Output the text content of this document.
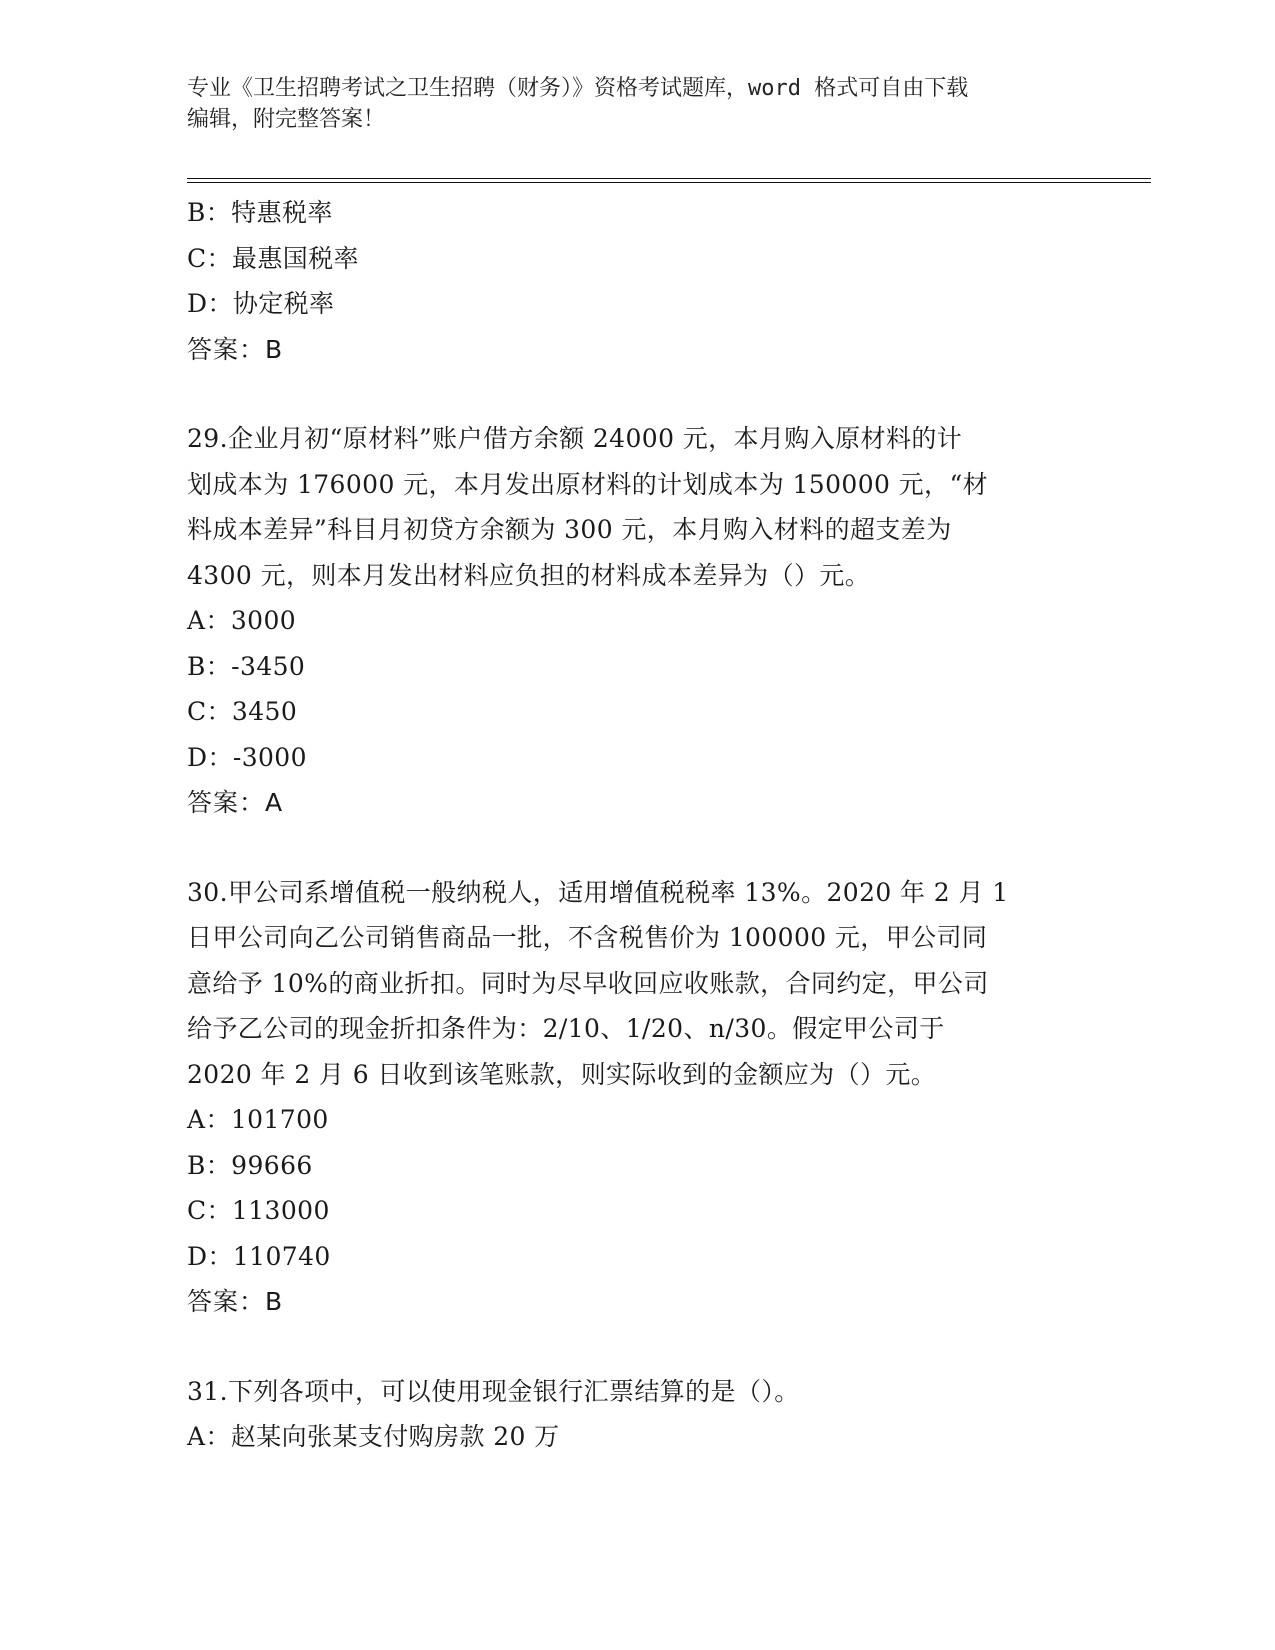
专业《卫生招聘考试之卫生招聘（财务）》资格考试题库，word 格式可自由下载
编辑，附完整答案！
B：特惠税率
C：最惠国税率
D：协定税率
答案：B
29.企业月初“原材料”账户借方余额 24000 元，本月购入原材料的计
划成本为 176000 元，本月发出原材料的计划成本为 150000 元，“材
料成本差异”科目月初贷方余额为 300 元，本月购入材料的超支差为
4300 元，则本月发出材料应负担的材料成本差异为（）元。
A：3000
B：-3450
C：3450
D：-3000
答案：A
30.甲公司系增值税一般纳税人，适用增值税税率 13%。2020 年 2 月 1
日甲公司向乙公司销售商品一批，不含税售价为 100000 元，甲公司同
意给予 10%的商业折扣。同时为尽早收回应收账款，合同约定，甲公司
给予乙公司的现金折扣条件为：2/10、1/20、n/30。假定甲公司于
2020 年 2 月 6 日收到该笔账款，则实际收到的金额应为（）元。
A：101700
B：99666
C：113000
D：110740
答案：B
31.下列各项中，可以使用现金银行汇票结算的是（）。
A：赵某向张某支付购房款 20 万
